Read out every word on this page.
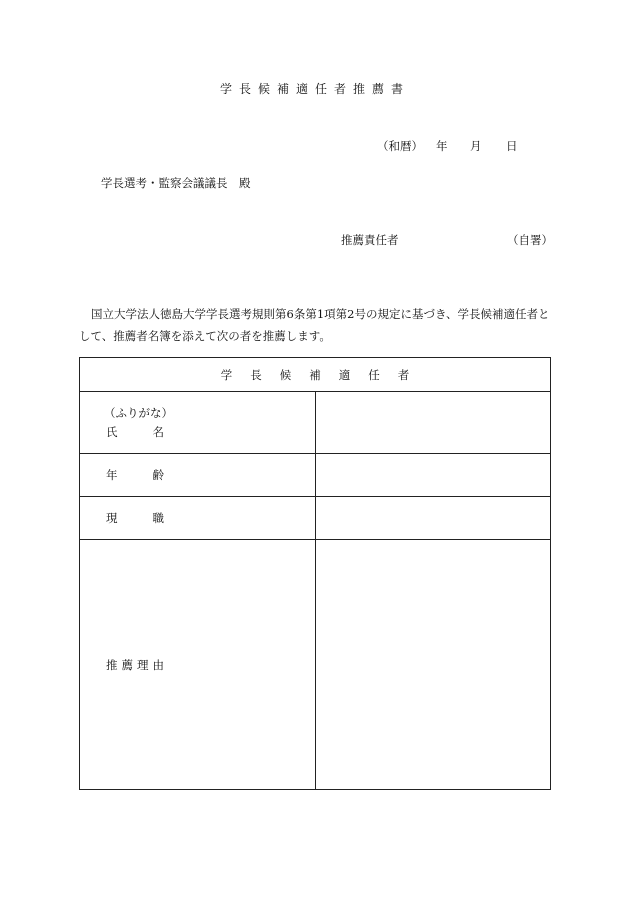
学長候補適任者推薦書
（和暦） 年 月 日
学長選考・監察会議議長　殿
推薦責任者	（自署）
国立大学法人徳島大学学長選考規則第6条第1項第2号の規定に基づき、学長候補適任者と
して、推薦者名簿を添えて次の者を推薦します。
学長候補適任者	

（ふりがな）
氏名	

年齢	
現職	
推薦理由	
